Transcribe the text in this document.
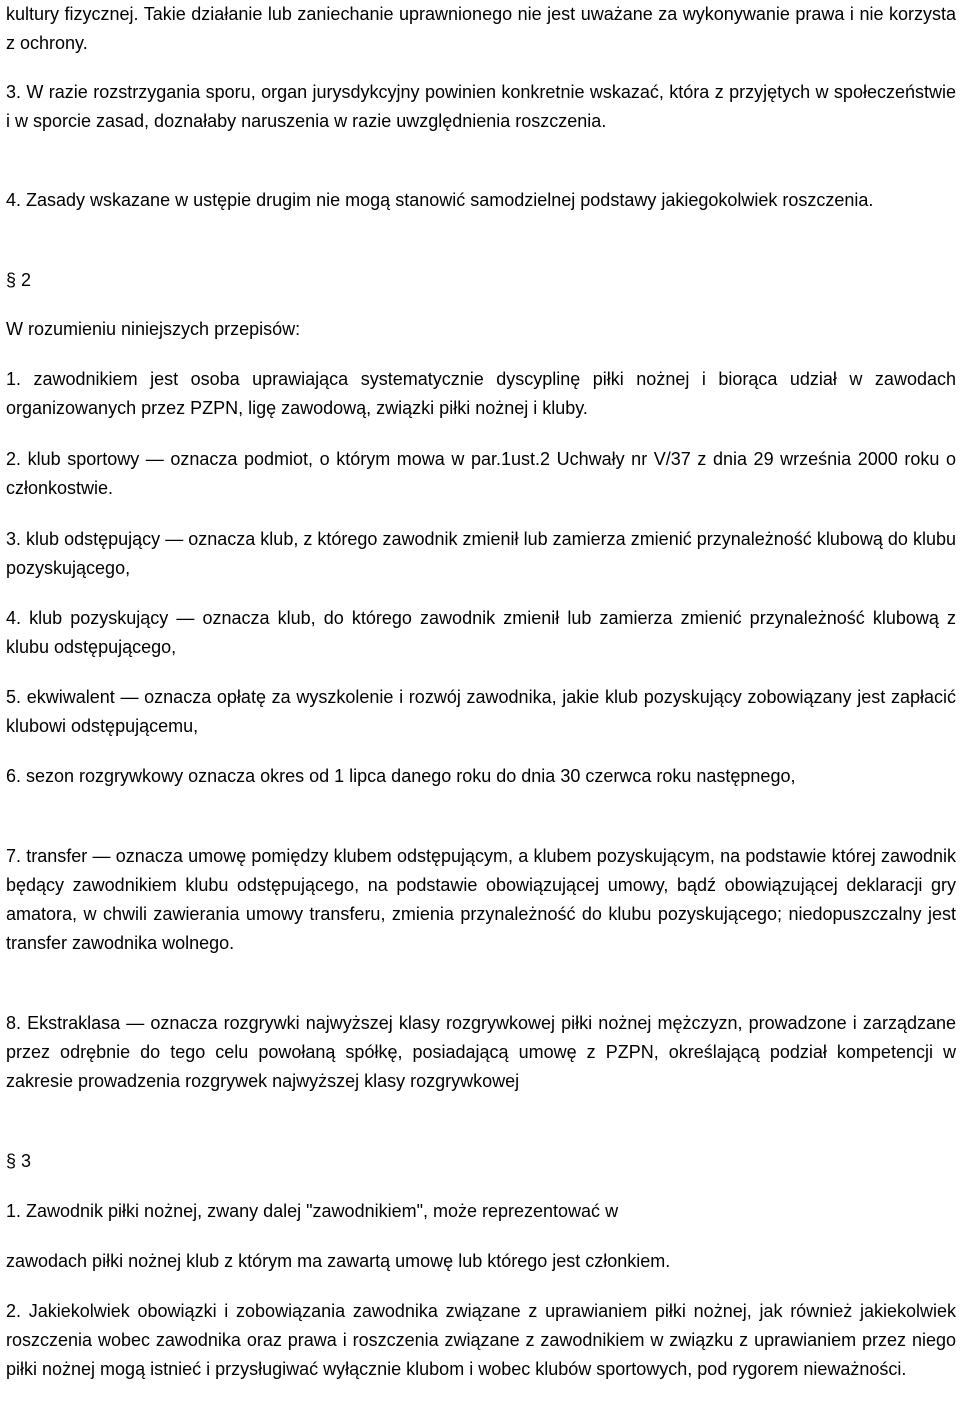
kultury fizycznej. Takie działanie lub zaniechanie uprawnionego nie jest uważane za wykonywanie prawa i nie korzysta z ochrony.

3. W razie rozstrzygania sporu, organ jurysdykcyjny powinien konkretnie wskazać, która z przyjętych w społeczeństwie i w sporcie zasad, doznałaby naruszenia w razie uwzględnienia roszczenia.

4. Zasady wskazane w ustępie drugim nie mogą stanowić samodzielnej podstawy jakiegokolwiek roszczenia.

§ 2

W rozumieniu niniejszych przepisów:

1. zawodnikiem jest osoba uprawiająca systematycznie dyscyplinę piłki nożnej i biorąca udział w zawodach organizowanych przez PZPN, ligę zawodową, związki piłki nożnej i kluby.

2. klub sportowy — oznacza podmiot, o którym mowa w par.1ust.2 Uchwały nr V/37 z dnia 29 września 2000 roku o członkostwie.

3. klub odstępujący — oznacza klub, z którego zawodnik zmienił lub zamierza zmienić przynależność klubową do klubu pozyskującego,

4. klub pozyskujący — oznacza klub, do którego zawodnik zmienił lub zamierza zmienić przynależność klubową z klubu odstępującego,

5. ekwiwalent — oznacza opłatę za wyszkolenie i rozwój zawodnika, jakie klub pozyskujący zobowiązany jest zapłacić klubowi odstępującemu,

6. sezon rozgrywkowy oznacza okres od 1 lipca danego roku do dnia 30 czerwca roku następnego,

7. transfer — oznacza umowę pomiędzy klubem odstępującym, a klubem pozyskującym, na podstawie której zawodnik będący zawodnikiem klubu odstępującego, na podstawie obowiązującej umowy, bądź obowiązującej deklaracji gry amatora, w chwili zawierania umowy transferu, zmienia przynależność do klubu pozyskującego; niedopuszczalny jest transfer zawodnika wolnego.

8. Ekstraklasa — oznacza rozgrywki najwyższej klasy rozgrywkowej piłki nożnej mężczyzn, prowadzone i zarządzane przez odrębnie do tego celu powołaną spółkę, posiadającą umowę z PZPN, określającą podział kompetencji w zakresie prowadzenia rozgrywek najwyższej klasy rozgrywkowej

§ 3

1. Zawodnik piłki nożnej, zwany dalej "zawodnikiem", może reprezentować w

zawodach piłki nożnej klub z którym ma zawartą umowę lub którego jest członkiem.

2. Jakiekolwiek obowiązki i zobowiązania zawodnika związane z uprawianiem piłki nożnej, jak również jakiekolwiek roszczenia wobec zawodnika oraz prawa i roszczenia związane z zawodnikiem w związku z uprawianiem przez niego piłki nożnej mogą istnieć i przysługiwać wyłącznie klubom i wobec klubów sportowych, pod rygorem nieważności.
